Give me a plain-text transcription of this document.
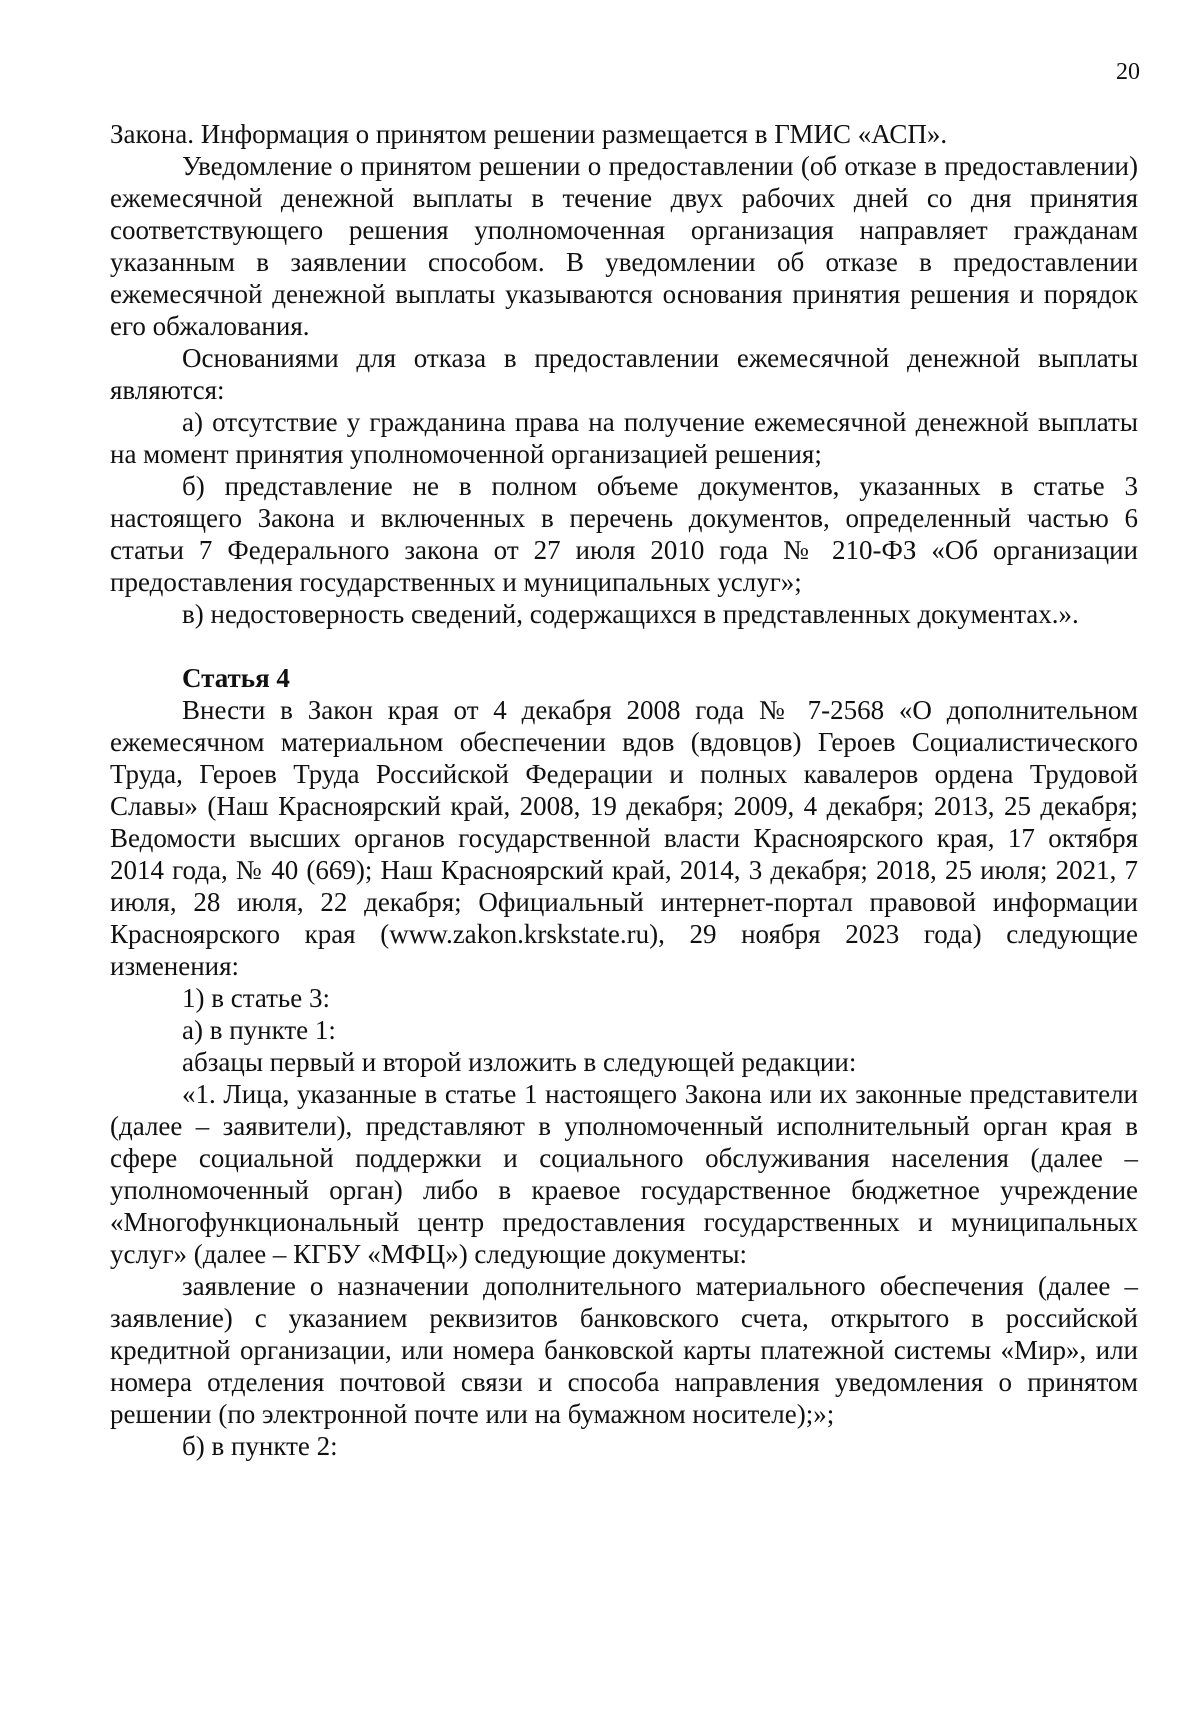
20

Закона. Информация о принятом решении размещается в ГМИС «АСП».

Уведомление о принятом решении о предоставлении (об отказе в предоставлении) ежемесячной денежной выплаты в течение двух рабочих дней со дня принятия соответствующего решения уполномоченная организация направляет гражданам указанным в заявлении способом. В уведомлении об отказе в предоставлении ежемесячной денежной выплаты указываются основания принятия решения и порядок его обжалования.

Основаниями для отказа в предоставлении ежемесячной денежной выплаты являются:

а) отсутствие у гражданина права на получение ежемесячной денежной выплаты на момент принятия уполномоченной организацией решения;

б) представление не в полном объеме документов, указанных в статье 3 настоящего Закона и включенных в перечень документов, определенный частью 6 статьи 7 Федерального закона от 27 июля 2010 года № 210-ФЗ «Об организации предоставления государственных и муниципальных услуг»;

в) недостоверность сведений, содержащихся в представленных документах.».

Статья 4

Внести в Закон края от 4 декабря 2008 года № 7-2568 «О дополнительном ежемесячном материальном обеспечении вдов (вдовцов) Героев Социалистического Труда, Героев Труда Российской Федерации и полных кавалеров ордена Трудовой Славы» (Наш Красноярский край, 2008, 19 декабря; 2009, 4 декабря; 2013, 25 декабря; Ведомости высших органов государственной власти Красноярского края, 17 октября 2014 года, № 40 (669); Наш Красноярский край, 2014, 3 декабря; 2018, 25 июля; 2021, 7 июля, 28 июля, 22 декабря; Официальный интернет-портал правовой информации Красноярского края (www.zakon.krskstate.ru), 29 ноября 2023 года) следующие изменения:

1) в статье 3:

а) в пункте 1:

абзацы первый и второй изложить в следующей редакции:

«1. Лица, указанные в статье 1 настоящего Закона или их законные представители (далее – заявители), представляют в уполномоченный исполнительный орган края в сфере социальной поддержки и социального обслуживания населения (далее – уполномоченный орган) либо в краевое государственное бюджетное учреждение «Многофункциональный центр предоставления государственных и муниципальных услуг» (далее – КГБУ «МФЦ») следующие документы:

заявление о назначении дополнительного материального обеспечения (далее – заявление) с указанием реквизитов банковского счета, открытого в российской кредитной организации, или номера банковской карты платежной системы «Мир», или номера отделения почтовой связи и способа направления уведомления о принятом решении (по электронной почте или на бумажном носителе);»;

б) в пункте 2:
